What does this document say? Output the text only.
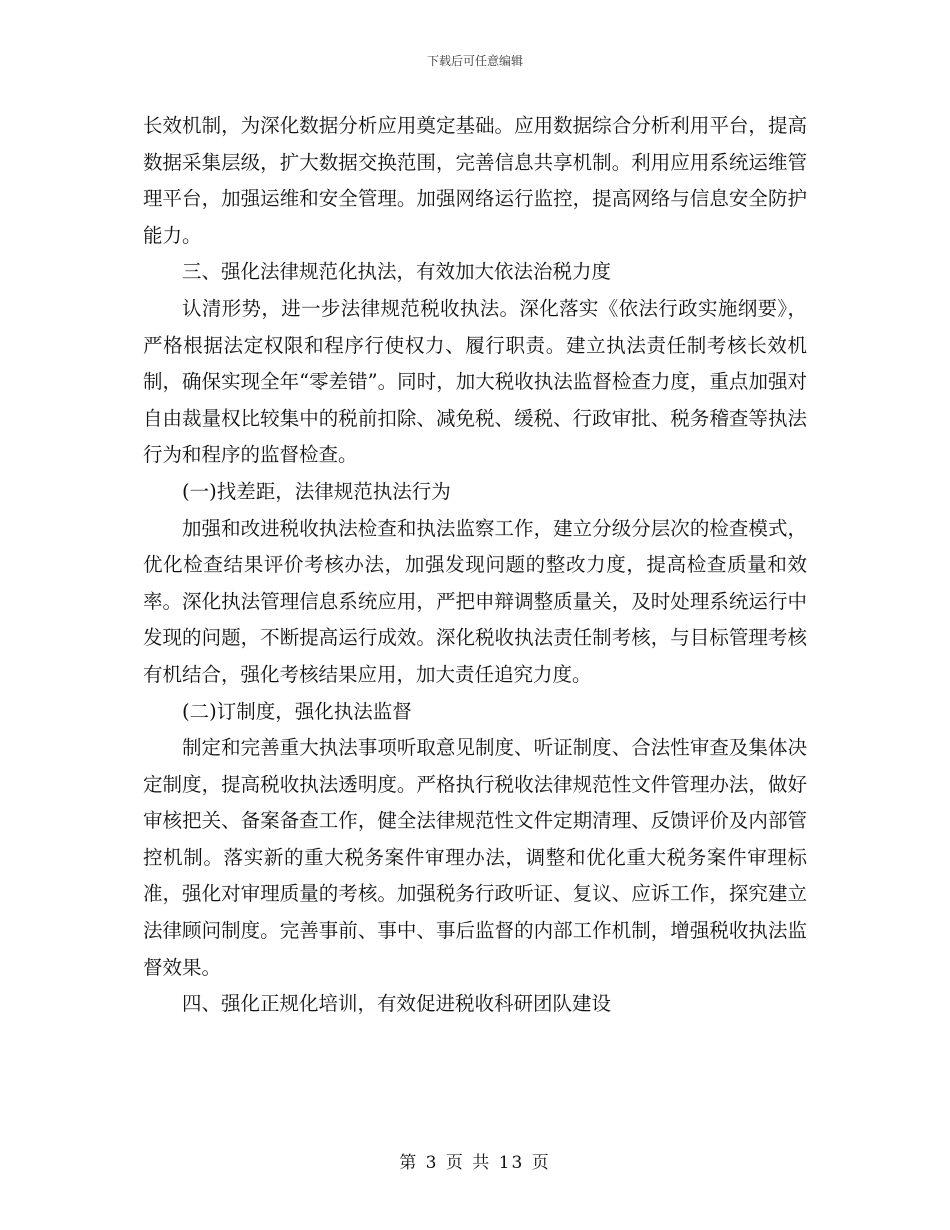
下载后可任意编辑

长效机制，为深化数据分析应用奠定基础。应用数据综合分析利用平台，提高数据采集层级，扩大数据交换范围，完善信息共享机制。利用应用系统运维管理平台，加强运维和安全管理。加强网络运行监控，提高网络与信息安全防护能力。

三、强化法律规范化执法，有效加大依法治税力度

认清形势，进一步法律规范税收执法。深化落实《依法行政实施纲要》，严格根据法定权限和程序行使权力、履行职责。建立执法责任制考核长效机制，确保实现全年“零差错”。同时，加大税收执法监督检查力度，重点加强对自由裁量权比较集中的税前扣除、减免税、缓税、行政审批、税务稽查等执法行为和程序的监督检查。

(一)找差距，法律规范执法行为

加强和改进税收执法检查和执法监察工作，建立分级分层次的检查模式，优化检查结果评价考核办法，加强发现问题的整改力度，提高检查质量和效率。深化执法管理信息系统应用，严把申辩调整质量关，及时处理系统运行中发现的问题，不断提高运行成效。深化税收执法责任制考核，与目标管理考核有机结合，强化考核结果应用，加大责任追究力度。

(二)订制度，强化执法监督

制定和完善重大执法事项听取意见制度、听证制度、合法性审查及集体决定制度，提高税收执法透明度。严格执行税收法律规范性文件管理办法，做好审核把关、备案备查工作，健全法律规范性文件定期清理、反馈评价及内部管控机制。落实新的重大税务案件审理办法，调整和优化重大税务案件审理标准，强化对审理质量的考核。加强税务行政听证、复议、应诉工作，探究建立法律顾问制度。完善事前、事中、事后监督的内部工作机制，增强税收执法监督效果。

四、强化正规化培训，有效促进税收科研团队建设

第 3 页 共 13 页
